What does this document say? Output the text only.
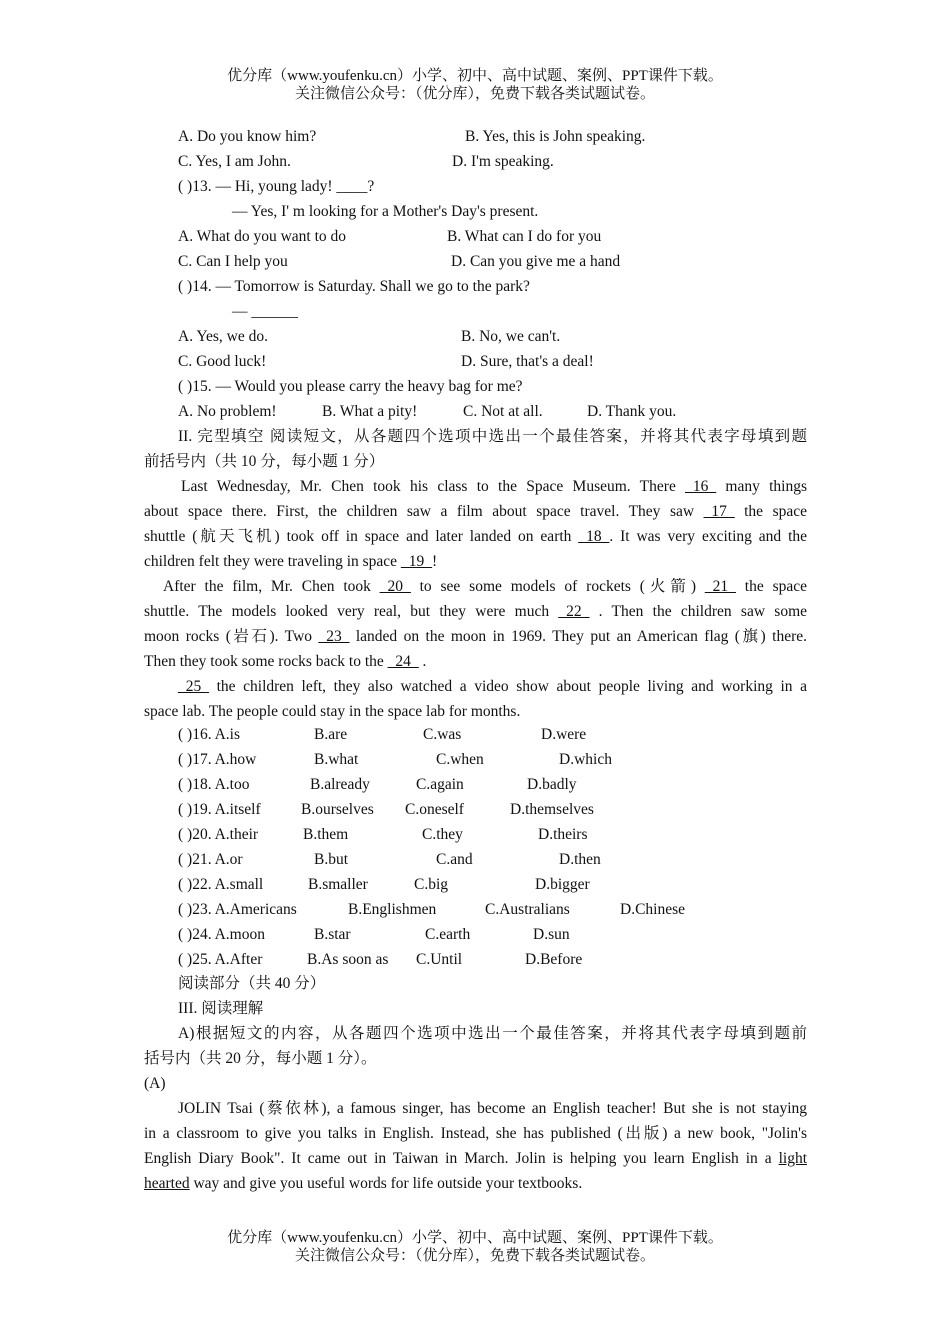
优分库（www.youfenku.cn）小学、初中、高中试题、案例、PPT课件下载。
关注微信公众号：（优分库），免费下载各类试题试卷。
A. Do you know him?	B. Yes, this is John speaking.
C. Yes, I am John.	D. I'm speaking.
( )13. — Hi, young lady! ____?
— Yes, I' m looking for a Mother's Day's present.
A. What do you want to do	B. What can I do for you
C. Can I help you	D. Can you give me a hand
( )14. — Tomorrow is Saturday. Shall we go to the park?
— ______
A. Yes, we do.	B. No, we can't.
C. Good luck!	D. Sure, that's a deal!
( )15. — Would you please carry the heavy bag for me?
A. No problem!	B. What a pity!	C. Not at all.	D. Thank you.
II. 完型填空 阅读短文，从各题四个选项中选出一个最佳答案，并将其代表字母填到题
前括号内（共 10 分，每小题 1 分）
Last Wednesday, Mr. Chen took his class to the Space Museum. There _16_ many things
about space there. First, the children saw a film about space travel. They saw _17_ the space
shuttle (航天飞机) took off in space and later landed on earth _18_. It was very exciting and the
children felt they were traveling in space _19_!
After the film, Mr. Chen took _20_ to see some models of rockets (火箭) _21_ the space
shuttle. The models looked very real, but they were much _22_ . Then the children saw some
moon rocks (岩石). Two _23_ landed on the moon in 1969. They put an American flag (旗) there.
Then they took some rocks back to the _24_ .
_25_ the children left, they also watched a video show about people living and working in a
space lab. The people could stay in the space lab for months.
( )16. A.is	B.are	C.was	D.were
( )17. A.how	B.what	C.when	D.which
( )18. A.too	B.already	C.again	D.badly
( )19. A.itself	B.ourselves C.oneself	D.themselves
( )20. A.their	B.them	C.they	D.theirs
( )21. A.or	B.but	C.and	D.then
( )22. A.small	B.smaller	C.big	D.bigger
( )23. A.Americans	B.Englishmen	C.Australians	D.Chinese
( )24. A.moon	B.star	C.earth	D.sun
( )25. A.After	B.As soon as C.Until	D.Before
阅读部分（共 40 分）
III. 阅读理解
A)根据短文的内容，从各题四个选项中选出一个最佳答案，并将其代表字母填到题前
括号内（共 20 分，每小题 1 分）。
(A)
JOLIN Tsai (蔡依林), a famous singer, has become an English teacher! But she is not staying
in a classroom to give you talks in English. Instead, she has published (出版) a new book, "Jolin's
English Diary Book". It came out in Taiwan in March. Jolin is helping you learn English in a light
hearted way and give you useful words for life outside your textbooks.
优分库（www.youfenku.cn）小学、初中、高中试题、案例、PPT课件下载。
关注微信公众号：（优分库），免费下载各类试题试卷。
